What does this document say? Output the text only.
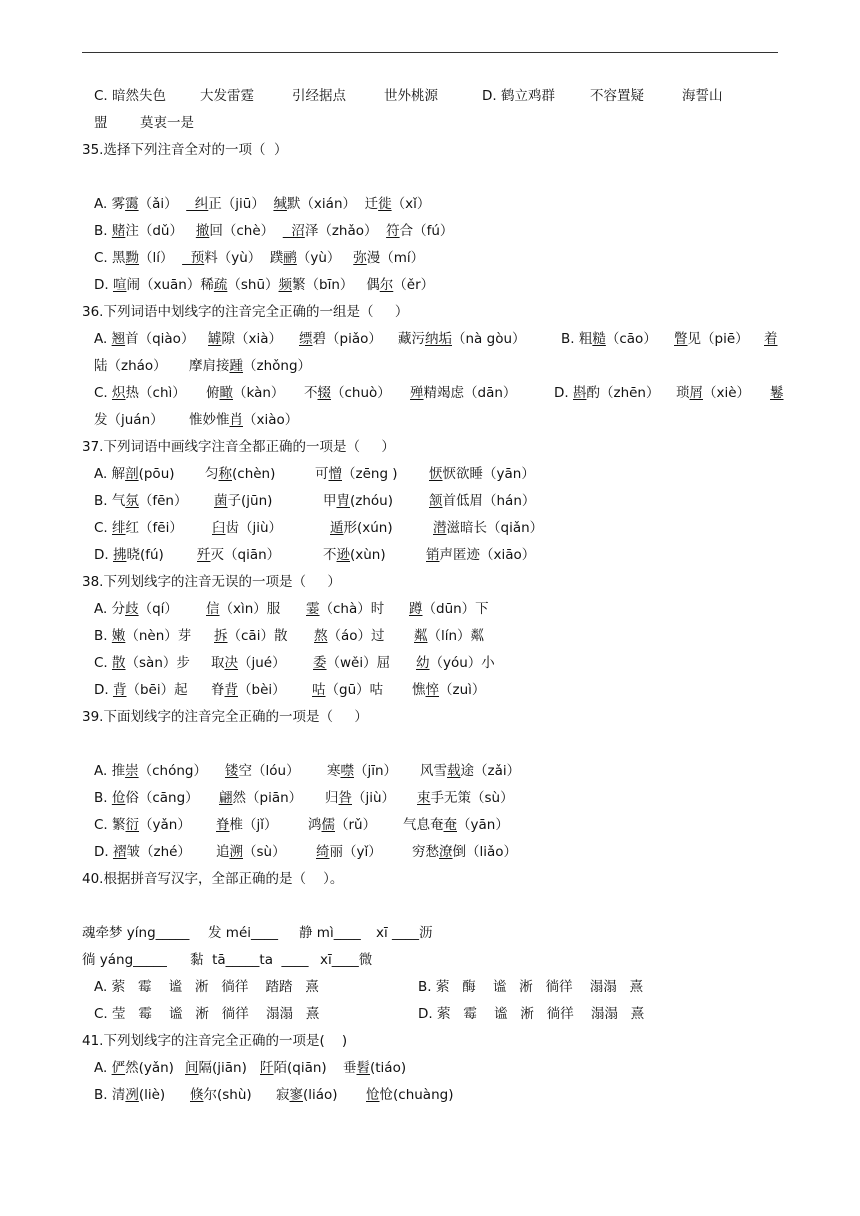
C. 暗然失色	大发雷霆	引经据点	世外桃源	D. 鹤立鸡群	不容置疑	海誓山
盟 莫衷一是
35.选择下列注音全对的一项（  ）
A. 雾霭（ǎi）    纠正（jiū）  缄默（xián）  迁徙（xǐ）
B. 赌注（dǔ）   撤回（chè）    沼泽（zhǎo）  符合（fú）
C. 黑黝（lí）    预料（yù）  蹼鹂（yù）   弥漫（mí）
D. 喧闹（xuān）稀疏（shū）频繁（bīn）   偶尔（ěr）
36.下列词语中划线字的注音完全正确的一组是（     ）
A. 翘首（qiào） 罅隙（xià） 缥碧（piǎo） 藏污纳垢（nà gòu）	B. 粗糙（cāo） 瞥见（piē） 着
陆（zháo） 摩肩接踵（zhǒng）
C. 炽热（chì） 俯瞰（kàn） 不辍（chuò） 殚精竭虑（dān）	D. 斟酌（zhēn） 琐屑（xiè） 鬈
发（juán） 惟妙惟肖（xiào）
37.下列词语中画线字注音全都正确的一项是（     ）
A. 解剖(pōu) 匀称(chèn)	可憎（zēng ) 恹恹欲睡（yān）
B. 气氛（fēn） 菌子(jūn)	甲胄(zhóu)	颔首低眉（hán）
C. 绯红（fēi） 臼齿（jiù）	遁形(xún)	潜滋暗长（qiǎn）
D. 拂晓(fú) 歼灭（qiān）	不逊(xùn)	销声匿迹（xiāo）
38.下列划线字的注音无误的一项是（     ）
A. 分歧（qí） 信（xìn）服 霎（chà）时 蹲（dūn）下
B. 嫩（nèn）芽 拆（cāi）散 熬（áo）过 粼（lín）粼
C. 散（sàn）步 取决（jué） 委（wěi）屈 幼（yóu）小
D. 背（bēi）起 脊背（bèi） 咕（gū）咕 憔悴（zuì）
39.下面划线字的注音完全正确的一项是（     ）
A. 推崇（chóng） 镂空（lóu） 寒噤（jīn） 风雪载途（zǎi）
B. 伧俗（cāng） 翩然（piān） 归咎（jiù） 束手无策（sù）
C. 繁衍（yǎn） 脊椎（jǐ） 鸿儒（rǔ） 气息奄奄（yān）
D. 褶皱（zhé） 追溯（sù） 绮丽（yǐ） 穷愁潦倒（liǎo）
40.根据拼音写汉字，全部正确的是（    ）。
魂牵梦 yíng_____ 发 méi____ 静 mì____ xī ____沥
徜 yáng_____ 黏  tā_____ta  ____ xī____微
A. 萦   霉    谧   淅   徜徉    踏踏   熹	B. 萦   酶    谧   淅   徜徉    溻溻   熹
C. 莹   霉    谧   淅   徜徉    溻溻   熹	D. 萦   霉    谧   淅   徜徉    溻溻   熹
41.下列划线字的注音完全正确的一项是(    )
A. 俨然(yǎn) 间隔(jiān) 阡陌(qiān) 垂髫(tiáo)
B. 清冽(liè) 倏尔(shù) 寂寥(liáo) 怆怆(chuàng)
